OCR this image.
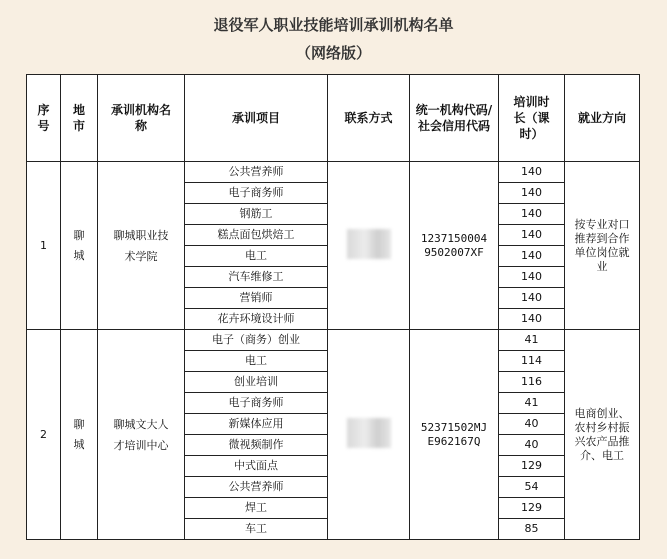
退役军人职业技能培训承训机构名单
（网络版）
序号	地市	承训机构名称	承训项目	联系方式	统一机构代码/社会信用代码	培训时长（课时）	就业方向
1	聊城	聊城职业技术学院	公共营养师		12371500049502007XF	140	按专业对口推荐到合作单位岗位就业

			电子商务师			140	
			钢筋工			140	
			糕点面包烘焙工			140	
			电工			140	
			汽车维修工			140	
			营销师			140	
			花卉环境设计师			140	
2	聊城	聊城文大人才培训中心	电子（商务）创业		52371502MJE962167Q	41	电商创业、农村乡村振兴农产品推介、电工

			电工			114	
			创业培训			116	
			电子商务师			41	
			新媒体应用			40	
			微视频制作			40	
			中式面点			129	
			公共营养师			54	
			焊工			129	
			车工			85	
